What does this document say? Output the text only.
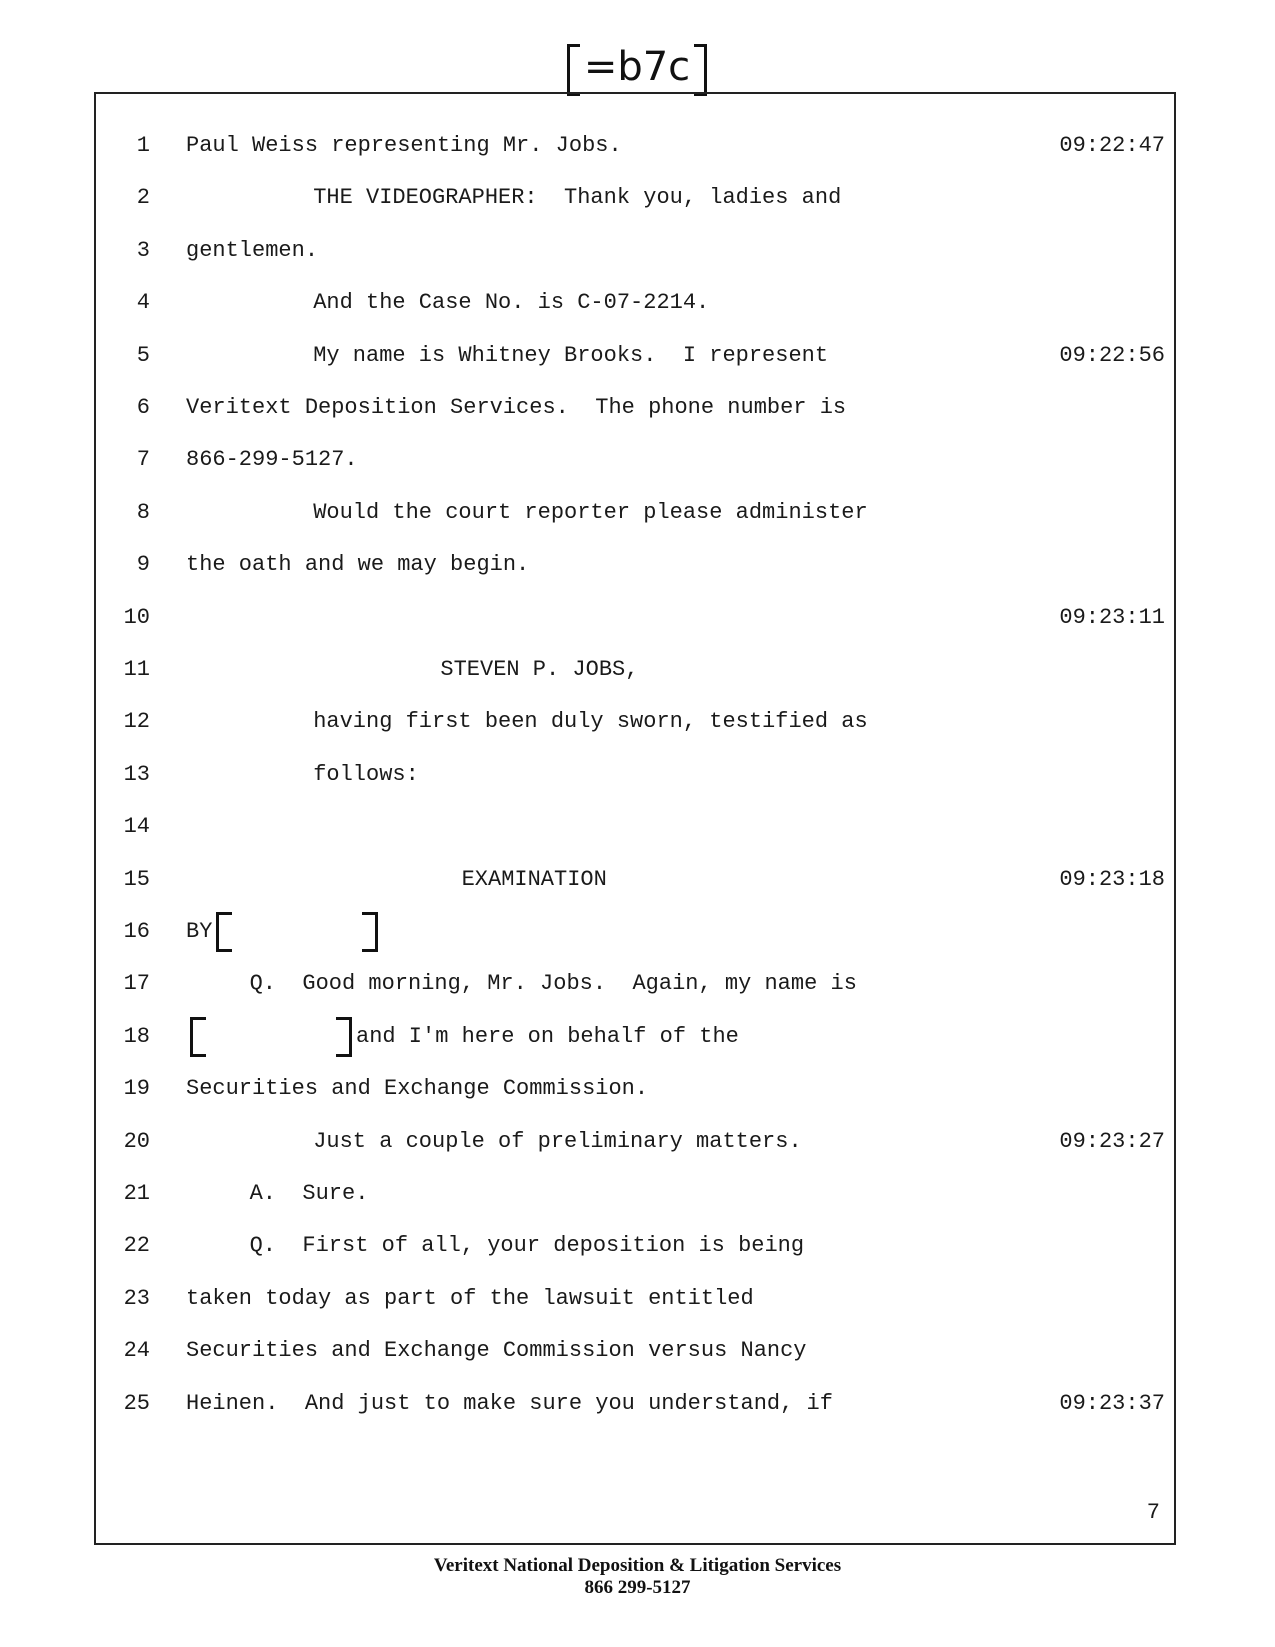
=b7c
1 Paul Weiss representing Mr. Jobs.	09:22:47
2	THE VIDEOGRAPHER:  Thank you, ladies and
3 gentlemen.
4	And the Case No. is C-07-2214.
5	My name is Whitney Brooks.  I represent	09:22:56
6 Veritext Deposition Services.  The phone number is
7 866-299-5127.
8	Would the court reporter please administer
9 the oath and we may begin.
10	09:23:11
11	STEVEN P. JOBS,
12	having first been duly sworn, testified as
13	follows:
14
15	EXAMINATION	09:23:18
16 BY
17	Q.  Good morning, Mr. Jobs.  Again, my name is
18	and I'm here on behalf of the
19 Securities and Exchange Commission.
20	Just a couple of preliminary matters.	09:23:27
21	A.  Sure.
22	Q.  First of all, your deposition is being
23 taken today as part of the lawsuit entitled
24 Securities and Exchange Commission versus Nancy
25 Heinen.  And just to make sure you understand, if	09:23:37
7
Veritext National Deposition & Litigation Services
866 299-5127
